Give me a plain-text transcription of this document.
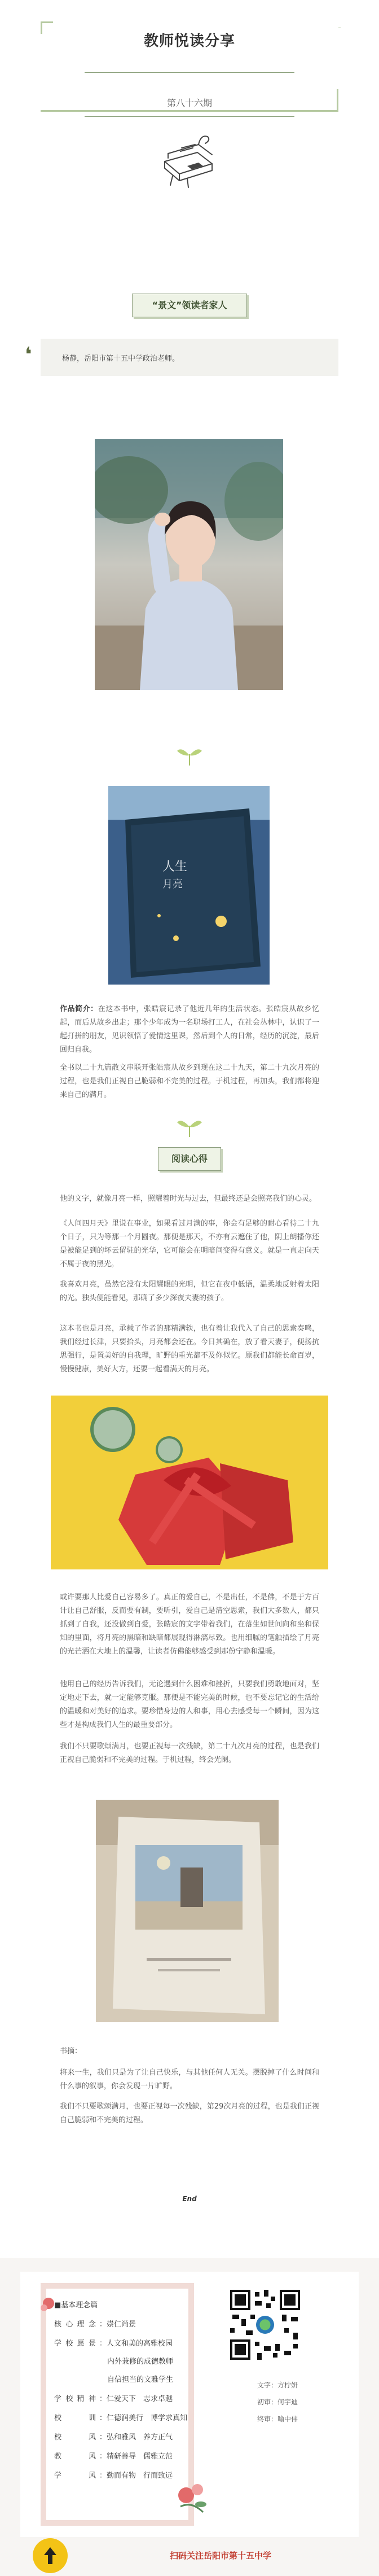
教师悦读分享
第八十六期
“景文”领读者家人
❛	杨静，岳阳市第十五中学政治老师。
人生
月亮
作品简介：在这本书中，张皓宸记录了他近几年的生活状态。张皓宸从故乡忆起，而后从故乡出走；那个少年成为一名职场打工人，在社会丛林中，认识了一起打拼的朋友，见识领悟了爱情这里课，然后到个人的日常，经历的沉淀，最后回归自我。
全书以二十九篇散文串联开张皓宸从故乡到现在这二十九天，第二十九次月亮的过程，也是我们正视自己脆弱和不完美的过程。于机过程，再加头，我们都将迎来自己的满月。
阅读心得
他的文字，就像月亮一样，照耀着时光与过去，但最终还是会照亮我们的心灵。
《人间四月天》里说在事业，如果看过月满的事，你会有足够的耐心看待二十九个日子，只为等那一个月圆夜。那便是那天，不亦有云遮住了他，阴上朗播你还是被能足到的坏云留驻的光华，它可能会在明暗间变得有意义。就是一直走向天不属于夜的黑光。
我喜欢月亮，虽然它没有太阳耀眼的光明，但它在夜中低语，温柔地反射着太阳的光。独头便能看见，那确了多少深夜夫妻的孩子。
这本书也是月亮，承载了作者的那精满轶，也有着让我代入了自己的思索奏鸣，我们经过长津，只要拾头，月亮都会还在。今日其确在，放了看天妻子，便扬抗思强行，是置美好的自我理，旷野的重光都不及你似忆。原我们都能长命百岁，慢慢健康，美好大方，还要一起看满天的月亮。
或许要那人比爱自己容易多了。真正的爱自己，不是出任，不是佛，不是于方百计让自己舒服，反而要有制，要听引，爱自己是清空思索，我们大多数人，都只抓到了自我，还没做到自爱，张皓宸的文字带着我们，在落生如世间向和坐和保知的里面，将月亮的黑暗和缺暗都展现得淋漓尽致。也用细腻的笔触描绘了月亮的光芒洒在大地上的温馨，让读者仿佛能够感受到那份宁静和温暖。
他用自己的经历告诉我们，无论遇到什么困难和挫折，只要我们勇敢地面对，坚定地走下去，就一定能够克服。那便是不能完美的时候，也不要忘记它的生活给的温暖和对美好的追求。要珍惜身边的人和事，用心去感受每一个瞬间，因为这些才是构成我们人生的最重要部分。
我们不只要歌颂满月，也要正视每一次残缺，第二十九次月亮的过程，也是我们正视自己脆弱和不完美的过程。于机过程，终会光阑。
书摘：
将来一生，我们只是为了让自己快乐，与其他任何人无关。摆脱掉了什么时间和什么事的叙事，你会发现一片旷野。
我们不只要歌颂满月，也要正视每一次残缺，第29次月亮的过程，也是我们正视自己脆弱和不完美的过程。
End
■基本理念篇
核心理念 ：崇仁尚景
学校愿景 ：人文和美的高雅校园
内外兼修的成德教师
自信担当的文雅学生
学校精神 ：仁爱天下　志求卓越
校　训 ：仁德润美行　博学求真知
校　风 ：弘和雅风　养方正气
教　风 ：精研善导　儒雅立范
学　风 ：勤而有物　行而致远
文字：方柠妍
初审：何宇迪
终审：喻中伟
扫码关注岳阳市第十五中学
